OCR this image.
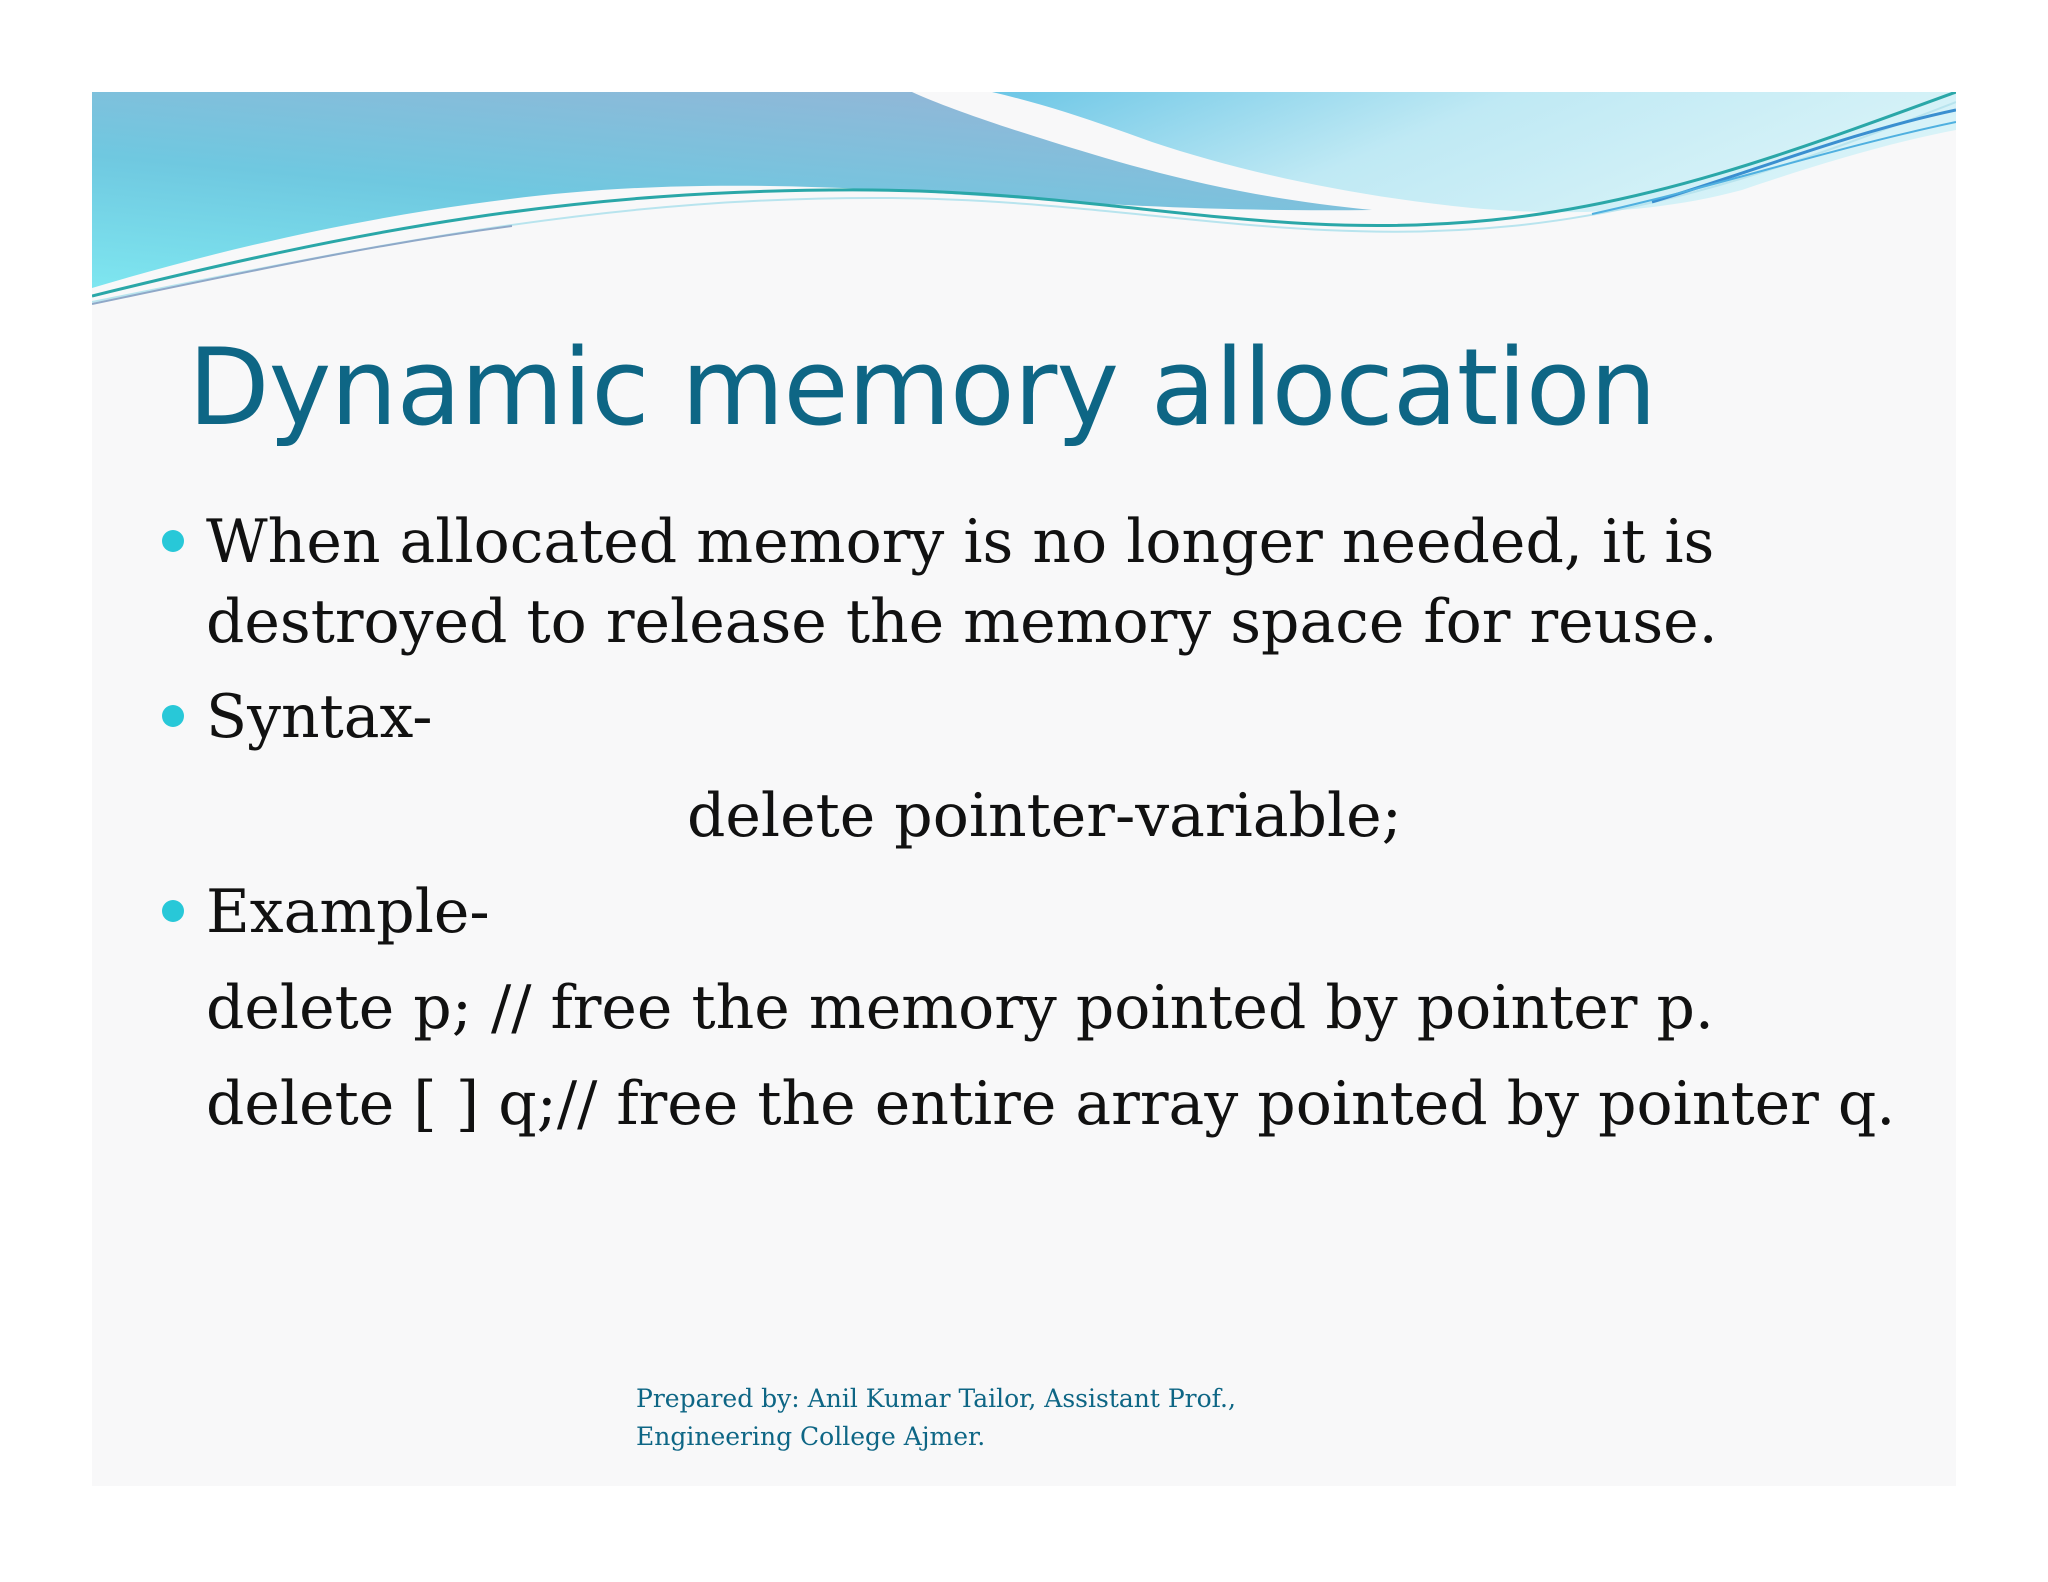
Dynamic memory allocation
When allocated memory is no longer needed, it is destroyed to release the memory space for reuse.
Syntax-
delete pointer-variable;
Example-
delete p; // free the memory pointed by pointer p.
delete [ ] q;// free the entire array pointed by pointer q.
Prepared by: Anil Kumar Tailor, Assistant Prof.,
Engineering College Ajmer.
